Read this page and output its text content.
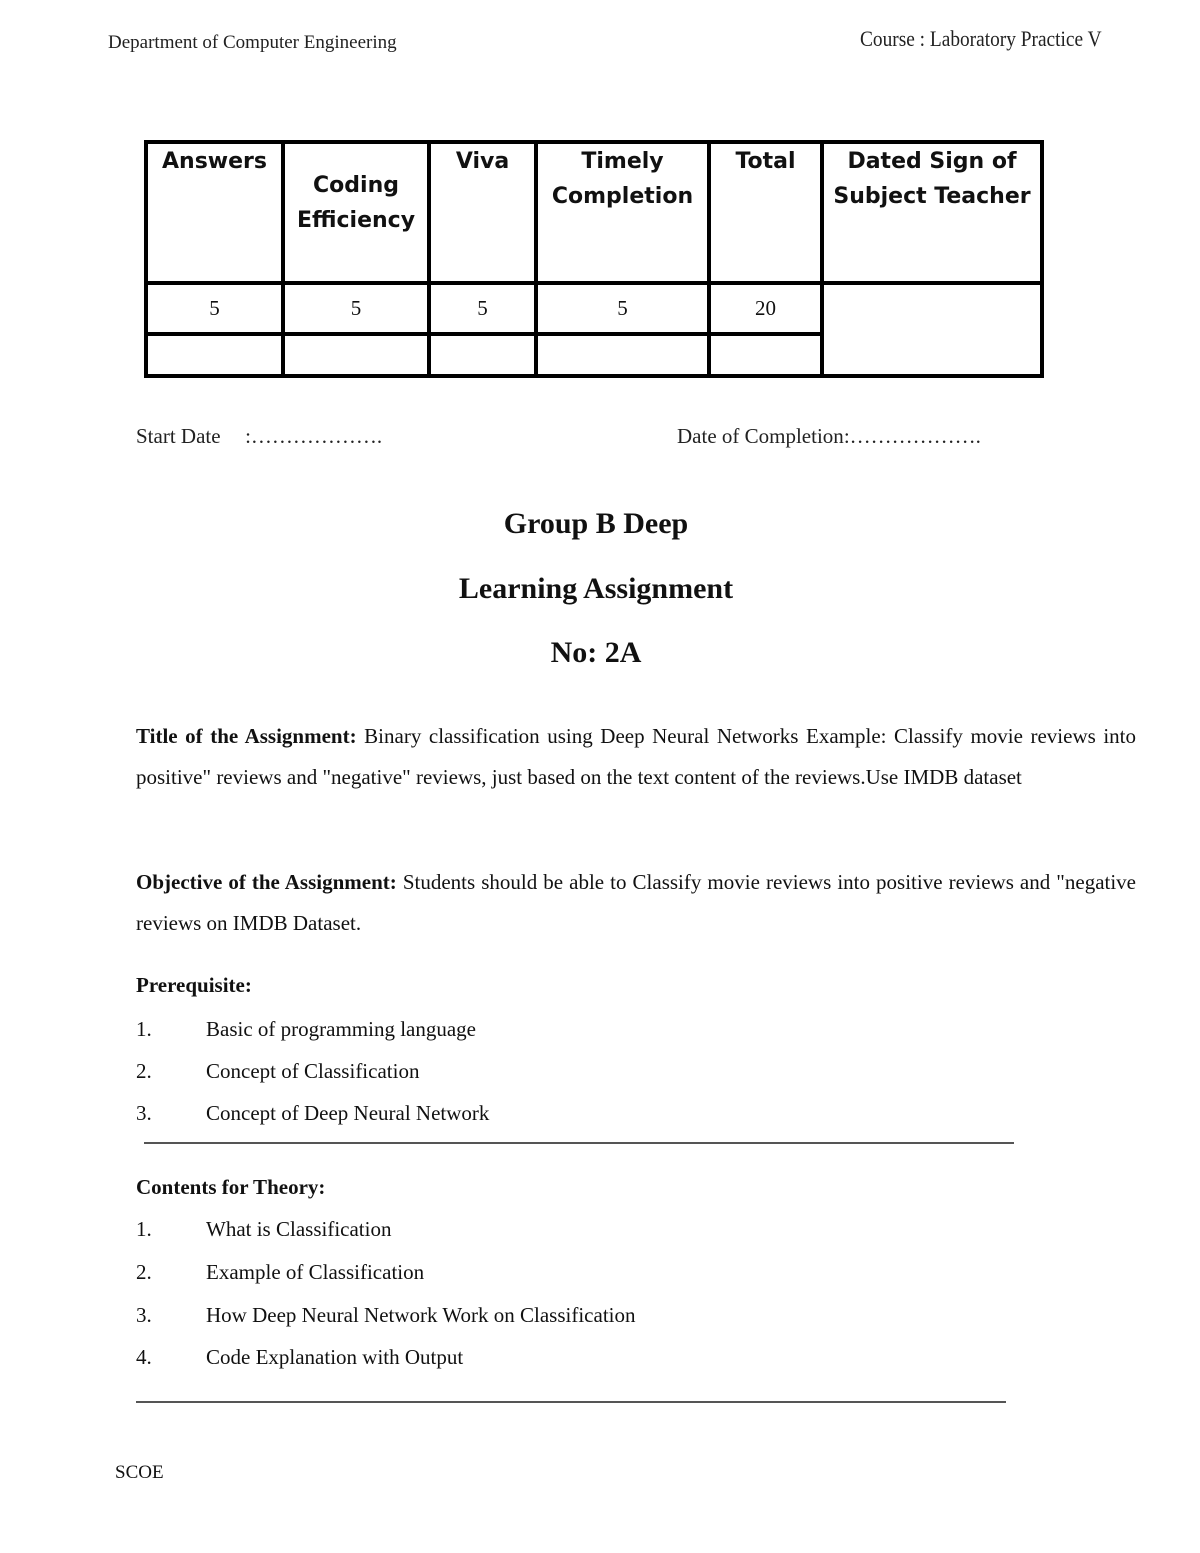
Department of Computer Engineering	Course : Laboratory Practice V
Answers	Coding Efficiency	Viva	Timely Completion	Total	Dated Sign of Subject Teacher

5	5	5	5	20	

Start Date :……………….	Date of Completion:……………….
Group B Deep
Learning Assignment
No: 2A
Title of the Assignment: Binary classification using Deep Neural Networks Example: Classify movie reviews into positive" reviews and "negative" reviews, just based on the text content of the reviews.Use IMDB dataset
Objective of the Assignment: Students should be able to Classify movie reviews into positive reviews and "negative reviews on IMDB Dataset.
Prerequisite:
1.	Basic of programming language
2.	Concept of Classification
3.	Concept of Deep Neural Network
Contents for Theory:
1.	What is Classification
2.	Example of Classification
3.	How Deep Neural Network Work on Classification
4.	Code Explanation with Output
SCOE
